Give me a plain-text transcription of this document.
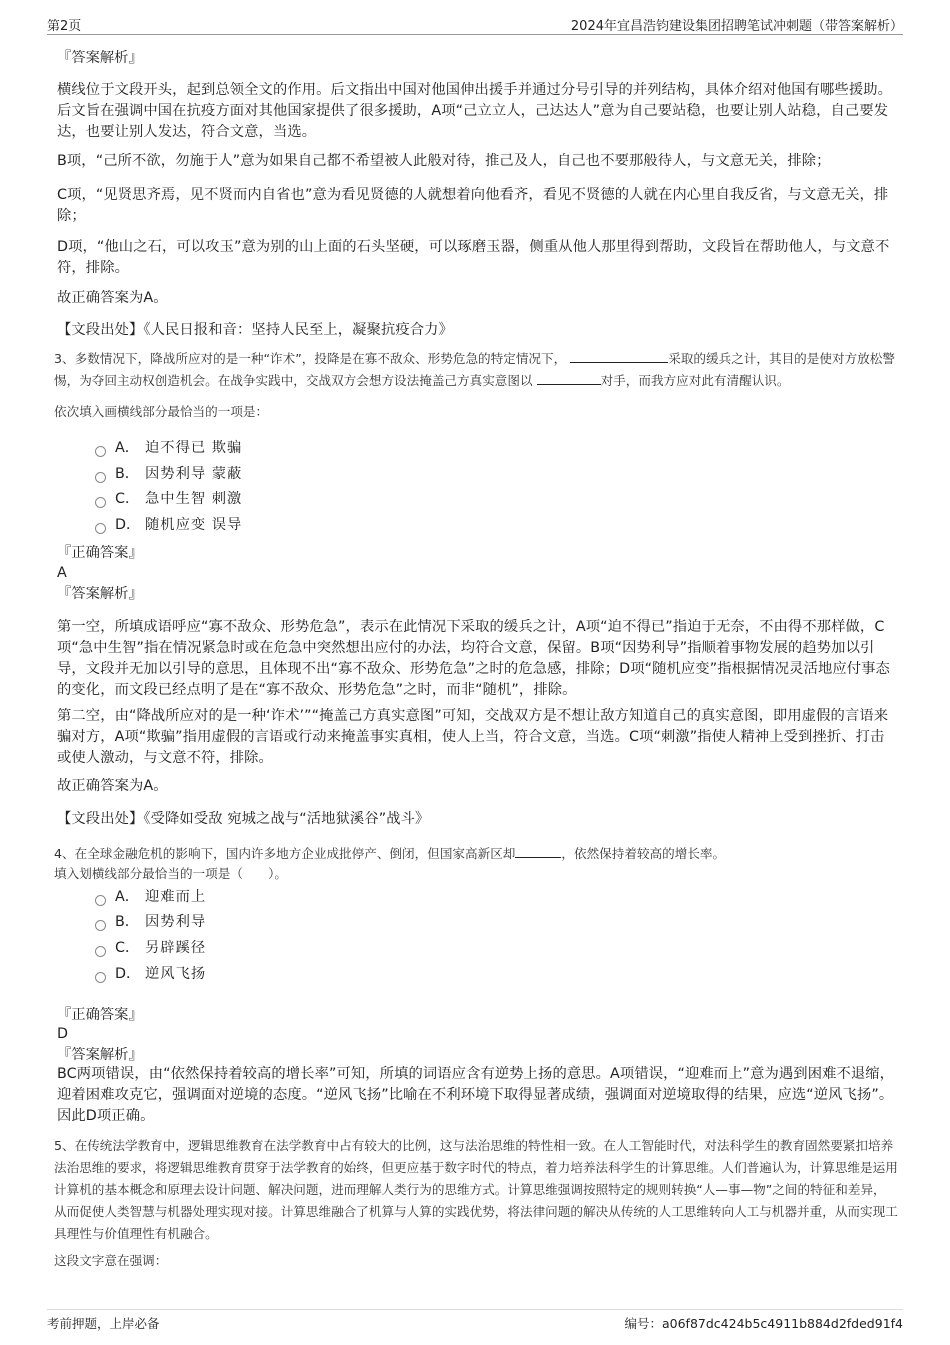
第2页	2024年宜昌浩钧建设集团招聘笔试冲刺题（带答案解析）

『答案解析』

横线位于文段开头，起到总领全文的作用。后文指出中国对他国伸出援手并通过分号引导的并列结构，具体介绍对他国有哪些援助。后文旨在强调中国在抗疫方面对其他国家提供了很多援助，A项“己立立人，己达达人”意为自己要站稳，也要让别人站稳，自己要发达，也要让别人发达，符合文意，当选。

B项，“己所不欲，勿施于人”意为如果自己都不希望被人此般对待，推己及人，自己也不要那般待人，与文意无关，排除；

C项，“见贤思齐焉，见不贤而内自省也”意为看见贤德的人就想着向他看齐，看见不贤德的人就在内心里自我反省，与文意无关，排除；

D项，“他山之石，可以攻玉”意为别的山上面的石头坚硬，可以琢磨玉器，侧重从他人那里得到帮助，文段旨在帮助他人，与文意不符，排除。

故正确答案为A。

【文段出处】《人民日报和音：坚持人民至上，凝聚抗疫合力》

3、多数情况下，降战所应对的是一种“诈术”，投降是在寡不敌众、形势危急的特定情况下，	采取的缓兵之计，其目的是使对方放松警惕，为夺回主动权创造机会。在战争实践中，交战双方会想方设法掩盖己方真实意图以	对手，而我方应对此有清醒认识。

依次填入画横线部分最恰当的一项是：

A． 迫不得已 欺骗
B． 因势利导 蒙蔽
C． 急中生智 刺激
D． 随机应变 误导

『正确答案』

A

『答案解析』

第一空，所填成语呼应“寡不敌众、形势危急”，表示在此情况下采取的缓兵之计，A项“迫不得已”指迫于无奈，不由得不那样做，C项“急中生智”指在情况紧急时或在危急中突然想出应付的办法，均符合文意，保留。B项“因势利导”指顺着事物发展的趋势加以引导，文段并无加以引导的意思，且体现不出“寡不敌众、形势危急”之时的危急感，排除；D项“随机应变”指根据情况灵活地应付事态的变化，而文段已经点明了是在“寡不敌众、形势危急”之时，而非“随机”，排除。

第二空，由“降战所应对的是一种‘诈术’”“掩盖己方真实意图”可知，交战双方是不想让敌方知道自己的真实意图，即用虚假的言语来骗对方，A项“欺骗”指用虚假的言语或行动来掩盖事实真相，使人上当，符合文意，当选。C项“刺激”指使人精神上受到挫折、打击或使人激动，与文意不符，排除。

故正确答案为A。

【文段出处】《受降如受敌 宛城之战与“活地狱溪谷”战斗》

4、在全球金融危机的影响下，国内许多地方企业成批停产、倒闭，但国家高新区却	，依然保持着较高的增长率。

填入划横线部分最恰当的一项是（　　）。

A． 迎难而上
B． 因势利导
C． 另辟蹊径
D． 逆风飞扬

『正确答案』

D

『答案解析』

BC两项错误，由“依然保持着较高的增长率”可知，所填的词语应含有逆势上扬的意思。A项错误，“迎难而上”意为遇到困难不退缩，迎着困难攻克它，强调面对逆境的态度。“逆风飞扬”比喻在不利环境下取得显著成绩，强调面对逆境取得的结果，应选“逆风飞扬”。因此D项正确。

5、在传统法学教育中，逻辑思维教育在法学教育中占有较大的比例，这与法治思维的特性相一致。在人工智能时代，对法科学生的教育固然要紧扣培养法治思维的要求，将逻辑思维教育贯穿于法学教育的始终，但更应基于数字时代的特点，着力培养法科学生的计算思维。人们普遍认为，计算思维是运用计算机的基本概念和原理去设计问题、解决问题，进而理解人类行为的思维方式。计算思维强调按照特定的规则转换“人—事—物”之间的特征和差异，从而促使人类智慧与机器处理实现对接。计算思维融合了机算与人算的实践优势，将法律问题的解决从传统的人工思维转向人工与机器并重，从而实现工具理性与价值理性有机融合。

这段文字意在强调：

考前押题，上岸必备	编号：a06f87dc424b5c4911b884d2fded91f4
